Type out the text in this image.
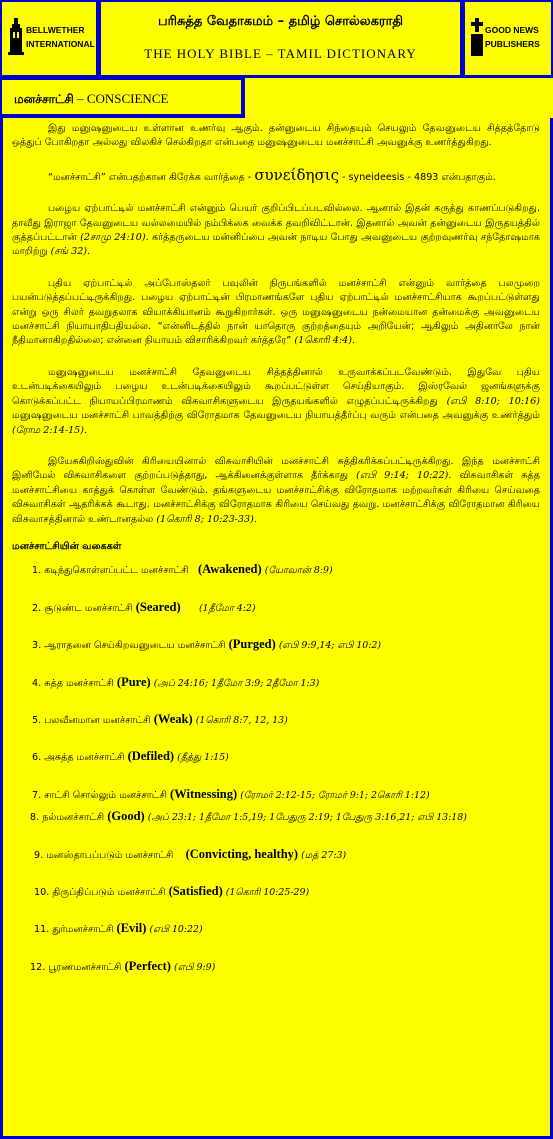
BELLWETHER
INTERNATIONAL
பரிசுத்த வேதாகமம் – தமிழ் சொல்லகராதி
THE HOLY BIBLE – TAMIL DICTIONARY
GOOD NEWS
PUBLISHERS
மனச்சாட்சி – CONSCIENCE

இது மனுஷனுடைய உள்ளான உணர்வு ஆகும். தன்னுடைய சிந்தையும் செயலும் தேவனுடைய சித்தத்தோடு ஒத்துப் போகிறதா அல்லது விலகிச் செல்கிறதா என்பதை மனுஷனுடைய மனச்சாட்சி அவனுக்கு உணர்த்துகிறது.

“மனச்சாட்சி” என்பதற்கான கிரேக்க வார்த்தை - συνείδησις - syneideesis - 4893 என்பதாகும்.

பழைய ஏற்பாட்டில் மனச்சாட்சி என்னும் பெயர் குறிப்பிடப்படவில்லை. ஆனால் இதன் கருத்து காணப்படுகிறது. தாவீது இராஜா தேவனுடைய வல்லமையில் நம்பிக்கை வைக்க தவறிவிட்டான். இதனால் அவன் தன்னுடைய இருதயத்தில் குத்தப்பட்டான் (2சாமு 24:10). கர்த்தருடைய மன்னிப்பை அவன் நாடிய போது அவனுடைய குற்றவுணர்வு சந்தோஷமாக மாறிற்று (சங் 32).

புதிய ஏற்பாட்டில் அப்போஸ்தலர் பவுலின் நிருபங்களில் மனச்சாட்சி என்னும் வார்த்தை பலமுறை பயன்படுத்தப்பட்டிருக்கிறது. பழைய ஏற்பாட்டின் பிரமாணங்களே புதிய ஏற்பாட்டில் மனச்சாட்சியாக கூறப்பட்டுள்ளது என்று ஒரு சிலர் தவறுதலாக வியாக்கியானம் கூறுகிறார்கள். ஒரு மனுஷனுடைய நன்மையான தன்மைக்கு அவனுடைய மனச்சாட்சி நியாயாதிபதியல்ல. “என்னிடத்தில் நான் யாதொரு குற்றத்தையும் அறியேன்; ஆகிலும் அதினாலே நான் நீதிமானாகிறதில்லை; என்னை நியாயம் விசாரிக்கிறவர் கர்த்தரே” (1கொரி 4:4).

மனுஷனுடைய மனச்சாட்சி தேவனுடைய சித்தத்தினால் உருவாக்கப்படவேண்டும். இதுவே புதிய உடன்படிக்கையிலும் பழைய உடன்படிக்கையிலும் கூறப்பட்டுள்ள செய்தியாகும். இஸ்ரவேல் ஜனங்களுக்கு கொடுக்கப்பட்ட நியாயப்பிரமாணம் விசுவாசிகளுடைய இருதயங்களில் எழுதப்பட்டிருக்கிறது (எபி 8:10; 10:16) மனுஷனுடைய மனச்சாட்சி பாவத்திற்கு விரோதமாக தேவனுடைய நியாயத்தீர்ப்பு வரும் என்பதை அவனுக்கு உணர்த்தும் (ரோம 2:14-15).

இயேசுகிறிஸ்துவின் கிரியையினால் விசுவாசியின் மனச்சாட்சி சுத்திகரிக்கப்பட்டிருக்கிறது. இந்த மனச்சாட்சி இனிமேல் விசுவாசிகளை குற்றப்படுத்தாது, ஆக்கினைக்குள்ளாக தீர்க்காது (எபி 9:14; 10:22). விசுவாசிகள் சுத்த மனச்சாட்சியை காத்துக் கொள்ள வேண்டும். தங்களுடைய மனச்சாட்சிக்கு விரோதமாக மற்றவர்கள் கிரியை செய்வதை விசுவாசிகள் ஆதரிக்கக் கூடாது. மனச்சாட்சிக்கு விரோதமாக கிரியை செய்வது தவறு. மனச்சாட்சிக்கு விரோதமான கிரியை விசுவாசத்தினால் உண்டானதல்ல (1கொரி 8; 10:23-33).

மனச்சாட்சியின் வகைகள்
1. கடிந்துகொள்ளப்பட்ட மனச்சாட்சி (Awakened) (யோவான் 8:9)
2. சூடுண்ட மனச்சாட்சி (Seared) (1தீமோ 4:2)
3. ஆராதனை செய்கிறவனுடைய மனச்சாட்சி (Purged) (எபி 9:9,14; எபி 10:2)
4. சுத்த மனச்சாட்சி (Pure) (அப் 24:16; 1தீமோ 3:9; 2தீமோ 1:3)
5. பலவீனமான மனச்சாட்சி (Weak) (1கொரி 8:7, 12, 13)
6. அசுத்த மனச்சாட்சி (Defiled) (தீத்து 1:15)
7. சாட்சி சொல்லும் மனச்சாட்சி (Witnessing) (ரோமர் 2:12-15; ரோமர் 9:1; 2கொரி 1:12)
8. நல்மனச்சாட்சி (Good) (அப் 23:1; 1தீமோ 1:5,19; 1பேதுரு 2:19; 1பேதுரு 3:16,21; எபி 13:18)
9. மனஸ்தாபப்படும் மனச்சாட்சி (Convicting, healthy) (மத் 27:3)
10. திருப்திப்படும் மனச்சாட்சி (Satisfied) (1கொரி 10:25-29)
11. துர்மனச்சாட்சி (Evil) (எபி 10:22)
12. பூரணமனச்சாட்சி (Perfect) (எபி 9:9)
